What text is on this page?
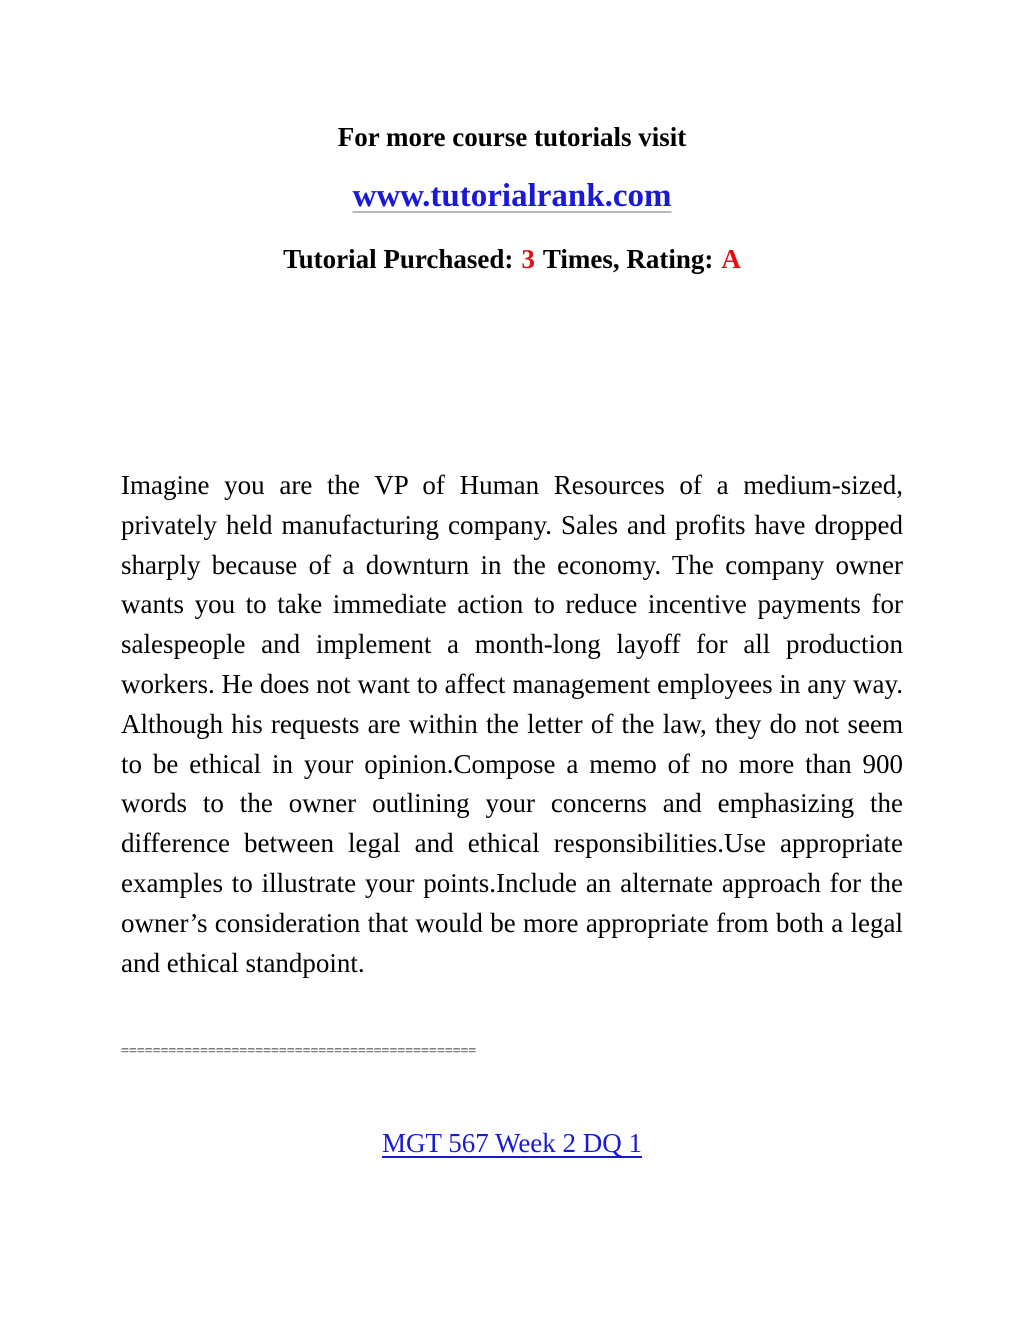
For more course tutorials visit
www.tutorialrank.com
Tutorial Purchased: 3 Times, Rating: A

Imagine you are the VP of Human Resources of a medium-sized, privately held manufacturing company. Sales and profits have dropped sharply because of a downturn in the economy. The company owner wants you to take immediate action to reduce incentive payments for salespeople and implement a month-long layoff for all production workers. He does not want to affect management employees in any way. Although his requests are within the letter of the law, they do not seem to be ethical in your opinion.Compose a memo of no more than 900 words to the owner outlining your concerns and emphasizing the difference between legal and ethical responsibilities.Use appropriate examples to illustrate your points.Include an alternate approach for the owner’s consideration that would be more appropriate from both a legal and ethical standpoint.

=============================================
MGT 567 Week 2 DQ 1
